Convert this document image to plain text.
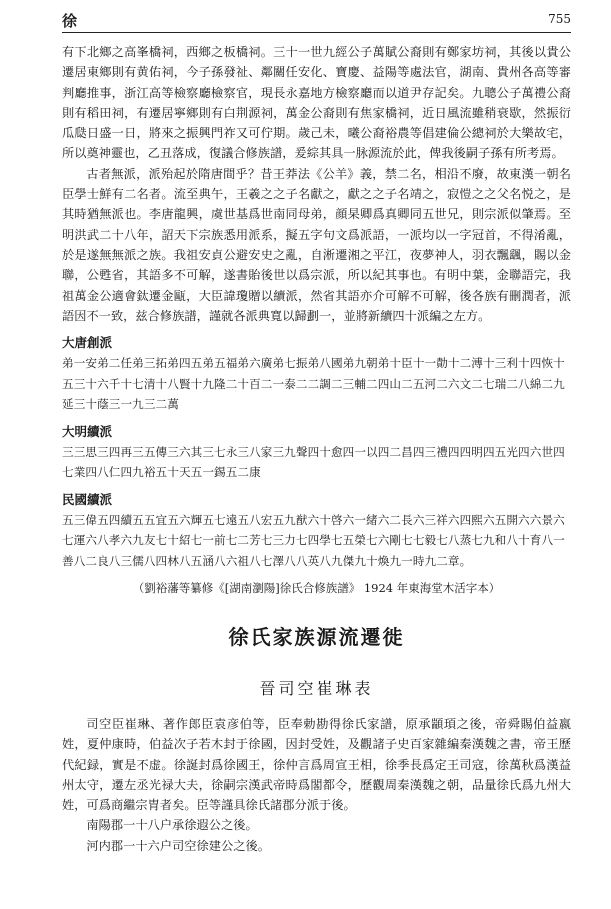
徐	755

有下北鄉之高峯橋祠，西鄉之板橋祠。三十一世九經公子萬賦公裔則有鄭家坊祠，其後以貴公遷居東鄉則有黄佑祠，今子孫發祉、鄰關任安化、寶慶、益陽等處法官，湖南、貴州各高等審判廳推事，浙江高等檢察廳檢察官，現長永嘉地方檢察廳而以道尹存記矣。九聰公子萬禮公裔則有稻田祠，有遷居寧鄉則有白荆源祠，萬金公裔則有焦家橋祠，近日風流雖稍衰歇，然振衍瓜瓞日盛一日，將來之振興門祚又可佇期。歲己未，曦公裔裕農等倡建倫公總祠於大樂故宅，所以奠神靈也，乙丑落成，復議合修族譜，爰綜其具一脉源流於此，俾我後嗣子孫有所考焉。

古者無派，派殆起於隋唐間乎？昔王莽法《公羊》義，禁二名，相沿不廢，故東漢一朝名臣學士鮮有二名者。流至典午，王羲之之子名獻之，獻之之子名靖之，寂愷之之父名悦之，是其時猶無派也。李唐龍興，虞世基爲世南同母弟，顔杲卿爲真卿同五世兄，則宗派似肇焉。至明洪武二十八年，詔天下宗族悉用派系，擬五字句文爲派語，一派均以一字冠首，不得淆亂，於是遂無無派之族。我祖安貞公避安史之亂，自淅遷湘之平江，夜夢神人，羽衣飄颻，賜以金聯，公甦省，其語多不可解，遂書貽後世以爲宗派，所以紀其事也。有明中葉，金聯語完，我祖萬金公適會鈦遷金甌，大臣諱瓊贈以續派，然省其語亦介可解不可解，後各族有刪潤者，派語因不一致，兹合修族譜，謹就各派典寬以歸劃一，並將新續四十派編之左方。

大唐創派

弟一安弟二任弟三拓弟四五弟五福弟六廣弟七振弟八國弟九朝弟十臣十一勣十二溥十三利十四恢十五三十六千十七清十八賢十九隆二十百二一泰二二調二三輔二四山二五河二六文二七瑞二八綿二九延三十蔭三一九三二萬

大明續派

三三思三四再三五傳三六其三七永三八家三九聲四十愈四一以四二昌四三禮四四明四五光四六世四七業四八仁四九裕五十天五一錫五二康

民國續派

五三偉五四續五五宜五六輝五七遠五八宏五九猷六十啓六一緒六二長六三祥六四熙六五開六六景六七運六八孝六九友七十紹七一前七二芳七三力七四學七五榮七六剛七七毅七八蒸七九和八十育八一善八二良八三儒八四林八五涵八六祖八七澤八八英八九傑九十煥九一時九二章。

（劉裕藩等纂修《[湖南瀏陽]徐氏合修族譜》 1924 年東海堂木活字本）
徐氏家族源流遷徙
晉司空崔琳表

司空臣崔琳、著作郎臣袁彦伯等，臣奉勅勘得徐氏家譜，原承顓頊之後，帝舜賜伯益嬴姓，夏仲康時，伯益次子若木封于徐國，因封受姓，及觀諸子史百家雜編秦漢魏之書，帝王歷代紀録，實是不虚。徐誕封爲徐國王，徐仲言爲周宣王相，徐季長爲定王司寇，徐萬秋爲漢益州太守，遷左丞光禄大夫，徐嗣宗漢武帝時爲閣都令，歷觀周秦漢魏之朝，品量徐氏爲九州大姓，可爲商繼宗胄者矣。臣等謹具徐氏諸郡分派于後。

南陽郡一十八户承徐遐公之後。

河内郡一十六户司空徐建公之後。
